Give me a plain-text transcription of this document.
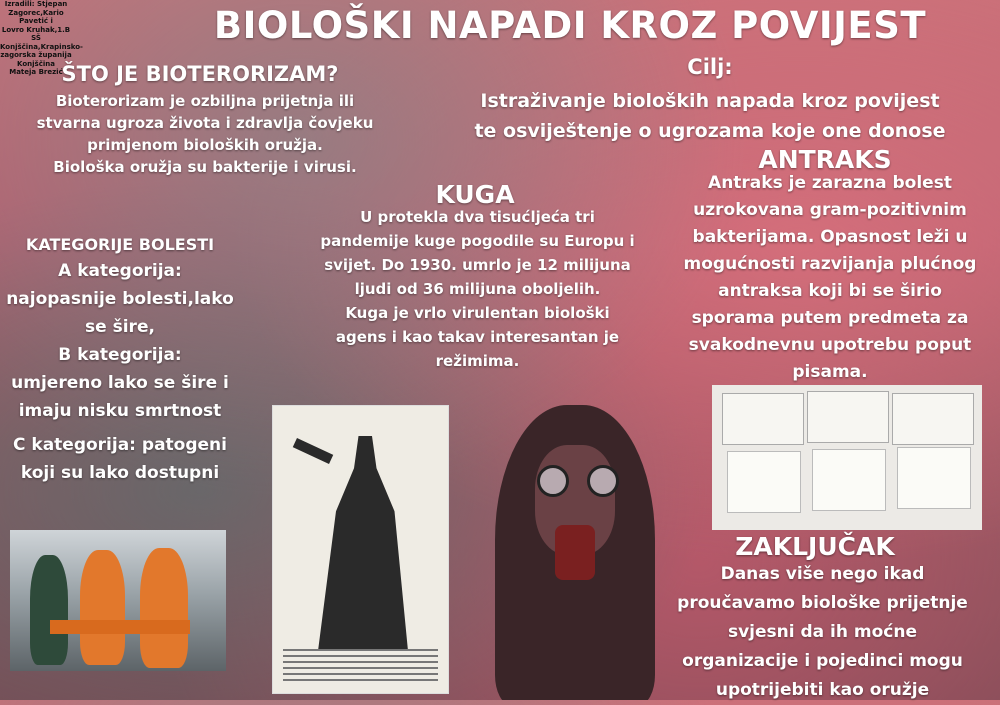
Izradili: Stjepan
Zagorec,Kario Pavetić i
Lovro Kruhak,1.B
SŠ Konjščina,Krapinsko-
zagorska županija
Konjščina
Mateja Brezić
BIOLOŠKI NAPADI KROZ POVIJEST
ŠTO JE BIOTERORIZAM?
Bioterorizam je ozbiljna prijetnja ili
stvarna ugroza života i zdravlja čovjeku
primjenom bioloških oružja.
Biološka oružja su bakterije i virusi.
Cilj:
Istraživanje bioloških napada kroz povijest
te osviještenje o ugrozama koje one donose
KUGA
U protekla dva tisućljeća tri
pandemije kuge pogodile su Europu i
svijet. Do 1930. umrlo je 12 milijuna
ljudi od 36 milijuna oboljelih.
Kuga je vrlo virulentan biološki
agens i kao takav interesantan je
režimima.
KATEGORIJE BOLESTI
A kategorija:
najopasnije bolesti,lako
se šire,
B kategorija:
umjereno lako se šire i
imaju nisku smrtnost
C kategorija: patogeni
koji su lako dostupni
ANTRAKS
Antraks je zarazna bolest
uzrokovana gram-pozitivnim
bakterijama. Opasnost leži u
mogućnosti razvijanja plućnog
antraksa koji bi se širio
sporama putem predmeta za
svakodnevnu upotrebu poput
pisama.
ZAKLJUČAK
Danas više nego ikad
proučavamo biološke prijetnje
svjesni da ih moćne
organizacije i pojedinci mogu
upotrijebiti kao oružje
